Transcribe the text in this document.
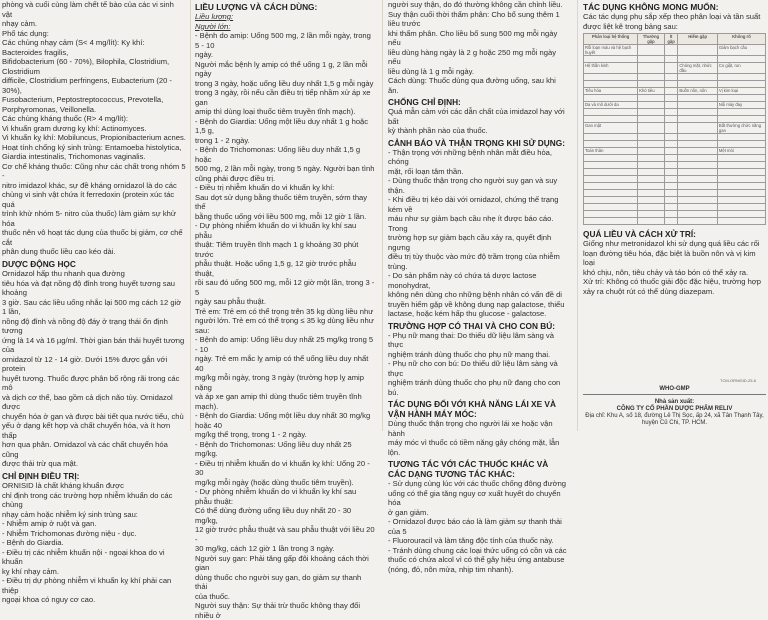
phòng và cuối cùng làm chết tế bào của các vi sinh vật
nhạy cảm.
Phổ tác dụng:
Các chủng nhạy cảm (S< 4 mg/lít): Ky khí: Bacteroides fragilis,
Bifidobacterium (60 - 70%), Bilophila, Clostridium, Clostridium
difficile, Clostridium perfringens, Eubacterium (20 - 30%),
Fusobacterium, Peptostreptococcus, Prevotella,
Porphyromonas, Veillonella.
Các chủng kháng thuốc (R> 4 mg/lít):
Vi khuẩn gram dương kỵ khí: Actinomyces.
Vi khuẩn kỵ khí: Mobiluncus, Propionibacterium acnes.
Hoạt tính chống ký sinh trùng: Entamoeba histolytica,
Giardia intestinalis, Trichomonas vaginalis.
Cơ chế kháng thuốc: Cũng như các chất trong nhóm 5 -
nitro imidazol khác, sự đề kháng ornidazol là do các
chủng vi sinh vật chứa ít ferredoxin (protein xúc tác quá
trình khử nhóm 5- nitro của thuốc) làm giảm sự khử hóa
thuốc nên vô hoạt tác dụng của thuốc bị giảm, cơ chế cắt
phân dung thuốc liều cao kéo dài.

DƯỢC ĐỘNG HỌC

Ornidazol hấp thu nhanh qua đường
tiêu hóa và đạt nồng độ đỉnh trong huyết tương sau khoảng
3 giờ. Sau các liều uống nhắc lại 500 mg cách 12 giờ 1 lần,
nồng độ đỉnh và nồng độ đáy ở trạng thái ổn định tương
ứng là 14 và 16 µg/ml. Thời gian bán thải huyết tương của
ornidazol từ 12 - 14 giờ. Dưới 15% được gắn với protein
huyết tương. Thuốc được phân bố rộng rãi trong các mô
và dịch cơ thể, bao gồm cả dịch não tủy. Ornidazol được
chuyển hóa ở gan và được bài tiết qua nước tiểu, chủ
yếu ở dạng kết hợp và chất chuyển hóa, và ít hơn thấp
hơn qua phân. Ornidazol và các chất chuyển hóa cũng
được thải trừ qua mật.

CHỈ ĐỊNH ĐIỀU TRỊ:

ORNISID là chất kháng khuẩn được
chỉ định trong các trường hợp nhiễm khuẩn do các chủng
nhạy cảm hoặc nhiễm ký sinh trùng sau:
- Nhiễm amip ở ruột và gan.
- Nhiễm Trichomonas đường niệu - dục.
- Bệnh do Giardia.
- Điều trị các nhiễm khuẩn nội - ngoại khoa do vi khuẩn
kỵ khí nhạy cảm.
- Điều trị dự phòng nhiễm vi khuẩn kỵ khí phải can thiệp
ngoại khoa có nguy cơ cao.
LIỀU LƯỢNG VÀ CÁCH DÙNG:
Liều lượng:
Người lớn:
- Bệnh do amip: Uống 500 mg, 2 lần mỗi ngày, trong 5 - 10
ngày.
Người mắc bệnh lỵ amip có thể uống 1 g, 2 lần mỗi ngày
trong 3 ngày, hoặc uống liều duy nhất 1,5 g mỗi ngày
trong 3 ngày, rồi nếu cần điều trị tiếp nhầm xử áp xe gan
amip thì dùng loại thuốc tiêm truyền tĩnh mạch).
- Bệnh do Giardia: Uống một liều duy nhất 1 g hoặc 1,5 g,
trong 1 - 2 ngày.
- Bệnh do Trichomonas: Uống liều duy nhất 1,5 g hoặc
500 mg, 2 lần mỗi ngày, trong 5 ngày. Người bạn tình
cũng phải được điều trị.
- Điều trị nhiễm khuẩn do vi khuẩn kỵ khí:
Sau dợt sử dụng bằng thuốc tiêm truyền, sớm thay thế
bằng thuốc uống với liều 500 mg, mỗi 12 giờ 1 lần.
- Dự phòng nhiễm khuẩn do vi khuẩn kỵ khí sau phẫu
thuật: Tiêm truyền tĩnh mạch 1 g khoảng 30 phút trước
phẫu thuật. Hoặc uống 1,5 g, 12 giờ trước phẫu thuật,
rồi sau đó uống 500 mg, mỗi 12 giờ một lần, trong 3 - 5
ngày sau phẫu thuật.
Trẻ em: Trẻ em có thể trọng trên 35 kg dùng liều như
người lớn. Trẻ em có thể trọng ≤ 35 kg dùng liều như
sau:
- Bệnh do amip: Uống liều duy nhất 25 mg/kg trong 5 - 10
ngày. Trẻ em mắc lỵ amip có thể uống liều duy nhất 40
mg/kg mỗi ngày, trong 3 ngày (trường hợp lỵ amip nặng
và áp xe gan amip thì dùng thuốc tiêm truyền tĩnh mạch).
- Bệnh do Giardia: Uống một liều duy nhất 30 mg/kg hoặc 40
mg/kg thể trọng, trong 1 - 2 ngày.
- Bệnh do Trichomonas: Uống liều duy nhất 25 mg/kg.
- Điều trị nhiễm khuẩn do vi khuẩn kỵ khí: Uống 20 - 30
mg/kg mỗi ngày (hoặc dùng thuốc tiêm truyền).
- Dự phòng nhiễm khuẩn do vi khuẩn kỵ khí sau phẫu thuật:
Có thể dùng đường uống liều duy nhất 20 - 30 mg/kg,
12 giờ trước phẫu thuật và sau phẫu thuật với liều 20 -
30 mg/kg, cách 12 giờ 1 lần trong 3 ngày.
Người suy gan: Phải tăng gấp đôi khoảng cách thời gian
dùng thuốc cho người suy gan, do giảm sự thanh thải
của thuốc.
Người suy thận: Sự thải trừ thuốc không thay đổi nhiều ở
người suy thận, do đó thường không cần chỉnh liều.
Suy thận cuối thời thẩm phân: Cho bổ sung thêm 1 liều trước
khi thẩm phân. Cho liều bổ sung 500 mg mỗi ngày nếu
liều dùng hàng ngày là 2 g hoặc 250 mg mỗi ngày nếu
liều dùng là 1 g mỗi ngày.
Cách dùng: Thuốc dùng qua đường uống, sau khi ăn.
CHỐNG CHỈ ĐỊNH:
Quá mẫn cảm với các dẫn chất của imidazol hay với bất
kỳ thành phần nào của thuốc.
CẢNH BÁO VÀ THẬN TRỌNG KHI SỬ DỤNG:
- Thận trọng với những bệnh nhân mắt điều hòa, chóng
mặt, rối loạn tâm thần.
- Dùng thuốc thận trọng cho người suy gan và suy thận.
- Khi điều trị kéo dài với ornidazol, chứng thế trạng kém về
máu như sự giảm bạch cầu nhẹ ít được báo cáo. Trong
trường hợp sự giảm bạch cầu xảy ra, quyết định ngưng
điều trị tùy thuộc vào mức độ trầm trọng của nhiễm trùng.
- Do sản phẩm này có chứa tá dược lactose monohydrat,
không nên dùng cho những bệnh nhân có vấn đề di
truyền hiếm gặp về không dung nạp galactose, thiếu
lactase, hoặc kém hấp thu glucose - galactose.
TRƯỜNG HỢP CÓ THAI VÀ CHO CON BÚ:
- Phụ nữ mang thai: Do thiếu dữ liệu lâm sàng và thực
nghiệm tránh dùng thuốc cho phụ nữ mang thai.
- Phụ nữ cho con bú: Do thiếu dữ liệu lâm sàng và thực
nghiệm tránh dùng thuốc cho phụ nữ đang cho con bú.
TÁC DỤNG ĐỐI VỚI KHẢ NĂNG LÁI XE VÀ VẬN HÀNH MÁY MÓC:
Dùng thuốc thận trọng cho người lái xe hoặc vận hành
máy móc vì thuốc có tiềm năng gây chóng mặt, lẫn lộn.
TƯƠNG TÁC VỚI CÁC THUỐC KHÁC VÀ CÁC DẠNG TƯƠNG TÁC KHÁC:
- Sử dụng cùng lúc với các thuốc chống đông đường
uống có thể gia tăng nguy cơ xuất huyết do chuyển hóa
ở gan giảm.
- Ornidazol được báo cáo là làm giảm sự thanh thải của 5
- Fluorouracil và làm tăng độc tính của thuốc này.
- Tránh dùng chung các loại thức uống có cồn và các
thuốc có chứa alcol vì có thể gây hiệu ứng antabuse
(nóng, đỏ, nôn mửa, nhịp tim nhanh).
TÁC DỤNG KHÔNG MONG MUỐN:
Các tác dụng phụ sắp xếp theo phân loại và tần suất
được liệt kê trong bảng sau:
Phân loại hệ thống	Thường gặp	Ít gặp	Hiếm gặp	Không rõ
Rối loạn máu và hệ bạch huyết				Giảm bạch cầu

Hệ thần kinh			Chóng mặt, nhức đầu	Co giật, run

Tiêu hóa	Khó tiêu		Buồn nôn, nôn	Vị kim loại

Da và mô dưới da				Nổi mày đay

Gan mật				Bất thường chức năng gan

Toàn thân				Mệt mỏi

QUÁ LIỀU VÀ CÁCH XỬ TRÍ:
Giống như metronidazol khi sử dụng quá liều các rối
loạn đường tiêu hóa, đặc biệt là buồn nôn và vị kim loại
khó chịu, nôn, tiêu chảy và táo bón có thể xảy ra.
Xử trí: Không có thuốc giải độc đặc hiệu, trường hợp
xảy ra chuột rút có thể dùng diazepam.
TCM-ORNISID-25-6
WHO-GMP
Nhà sản xuất:
CÔNG TY CỔ PHẦN DƯỢC PHẨM RELIV
Địa chỉ: Khu A, số 18, đường Lê Thị Sọc, ấp 24, xã Tân Thạnh Tây,
huyện Củ Chi, TP. HCM.
